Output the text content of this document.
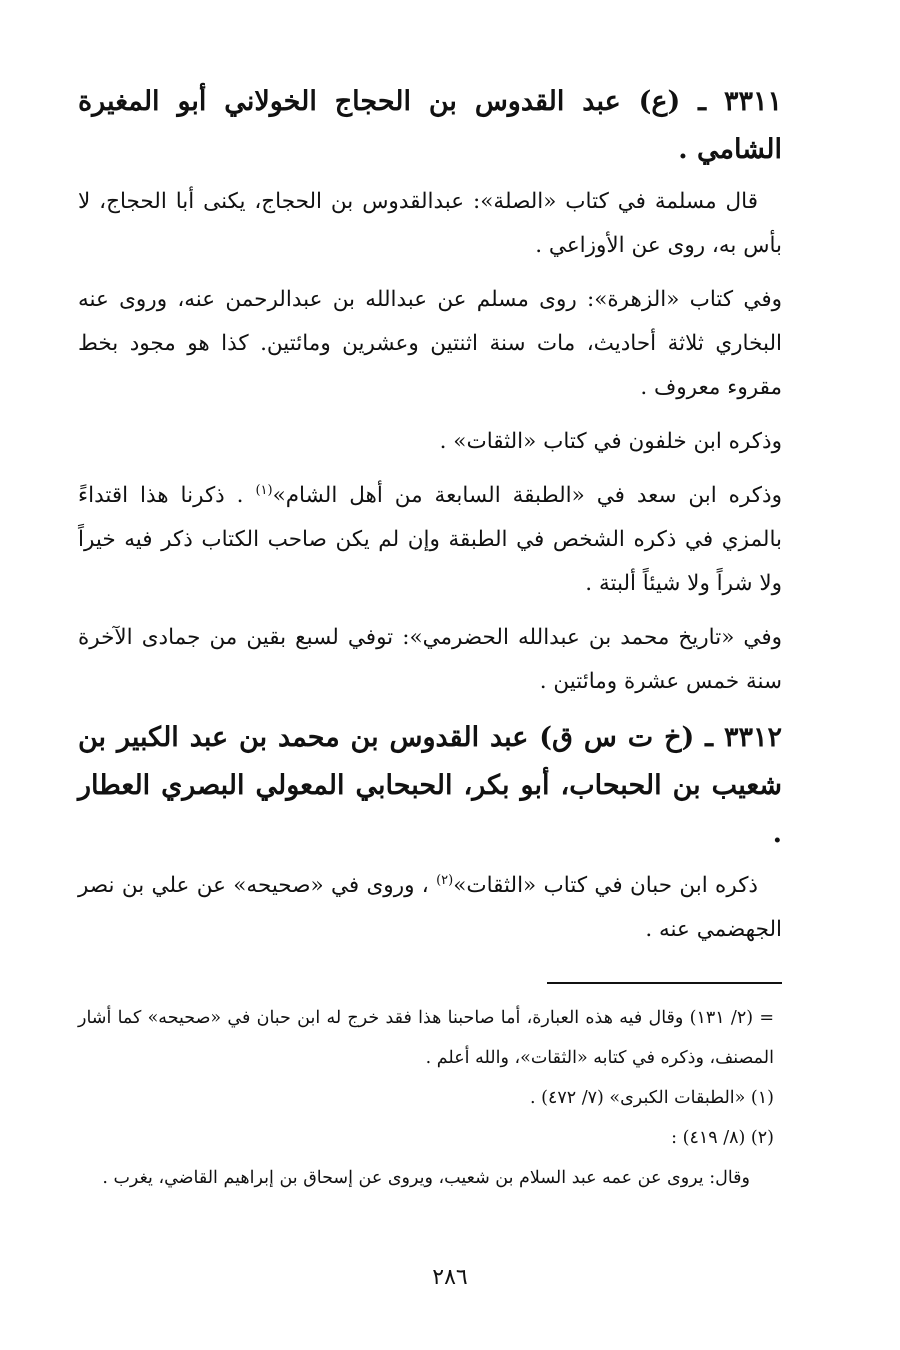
٣٣١١ ـ (ع) عبد القدوس بن الحجاج الخولاني أبو المغيرة الشامي .

قال مسلمة في كتاب «الصلة»: عبدالقدوس بن الحجاج، يكنى أبا الحجاج، لا بأس به، روى عن الأوزاعي .

وفي كتاب «الزهرة»: روى مسلم عن عبدالله بن عبدالرحمن عنه، وروى عنه البخاري ثلاثة أحاديث، مات سنة اثنتين وعشرين ومائتين. كذا هو مجود بخط مقروء معروف .

وذكره ابن خلفون في كتاب «الثقات» .

وذكره ابن سعد في «الطبقة السابعة من أهل الشام»$^{(١)}$ . ذكرنا هذا اقتداءً بالمزي في ذكره الشخص في الطبقة وإن لم يكن صاحب الكتاب ذكر فيه خيراً ولا شراً ولا شيئاً ألبتة .

وفي «تاريخ محمد بن عبدالله الحضرمي»: توفي لسبع بقين من جمادى الآخرة سنة خمس عشرة ومائتين .

٣٣١٢ ـ (خ ت س ق) عبد القدوس بن محمد بن عبد الكبير بن شعيب بن الحبحاب، أبو بكر، الحبحابي المعولي البصري العطار .

ذكره ابن حبان في كتاب «الثقات»$^{(٢)}$ ، وروى في «صحيحه» عن علي بن نصر الجهضمي عنه .

= (٢/ ١٣١) وقال فيه هذه العبارة، أما صاحبنا هذا فقد خرج له ابن حبان في «صحيحه» كما أشار المصنف، وذكره في كتابه «الثقات»، والله أعلم .

(١) «الطبقات الكبرى» (٧/ ٤٧٢) .

(٢) (٨/ ٤١٩) :

وقال: يروى عن عمه عبد السلام بن شعيب، ويروى عن إسحاق بن إبراهيم القاضي، يغرب .

٢٨٦
